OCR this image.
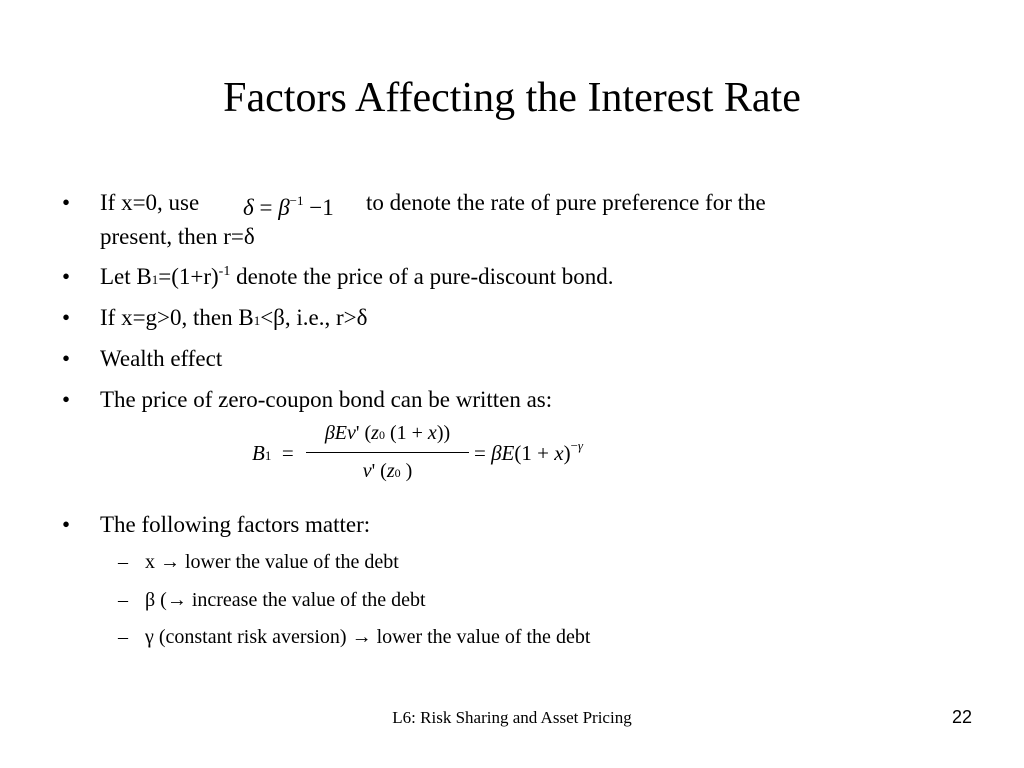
Factors Affecting the Interest Rate
• If x=0, use $\delta = \beta^{-1} -1$ to denote the rate of pure preference for the
present, then r=δ
• Let $B1=(1+r)^{-1}$ denote the price of a pure-discount bond.
• If x=g>0, then B1<β, i.e., r>δ
• Wealth effect
• The price of zero-coupon bond can be written as:
B1  =
βEv' (z0 (1 + x))
v' (z0 )
= $\beta E(1 + x)^{-\gamma}$
• The following factors matter:
– x → lower the value of the debt
– β (→ increase the value of the debt
– γ (constant risk aversion) → lower the value of the debt
L6: Risk Sharing and Asset Pricing	22
